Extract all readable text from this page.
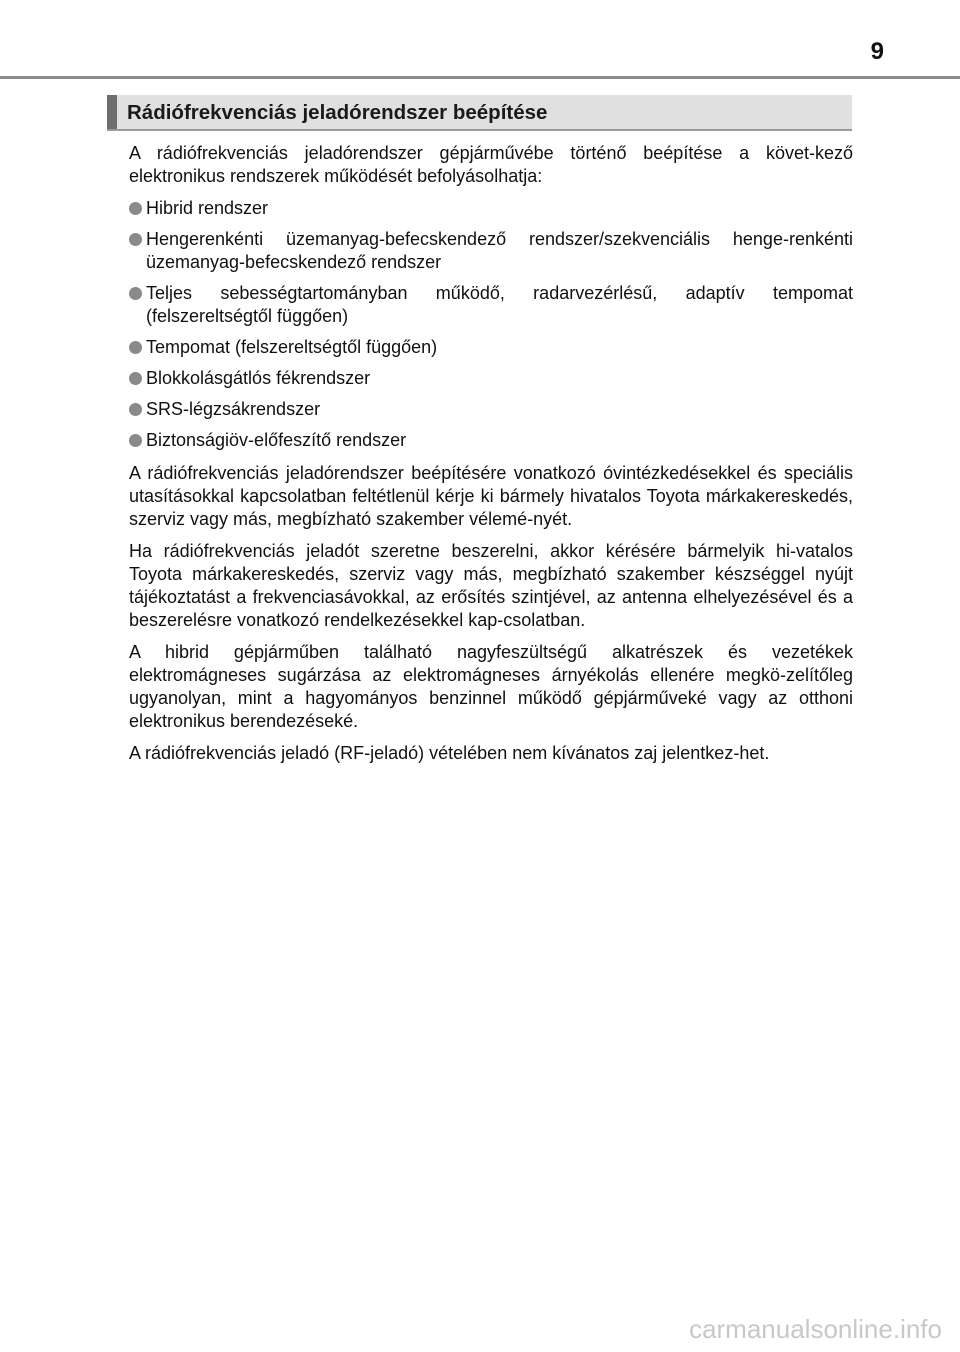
9
Rádiófrekvenciás jeladórendszer beépítése

A rádiófrekvenciás jeladórendszer gépjárművébe történő beépítése a követ-kező elektronikus rendszerek működését befolyásolhatja:

Hibrid rendszer
Hengerenkénti üzemanyag-befecskendező rendszer/szekvenciális henge-renkénti üzemanyag-befecskendező rendszer
Teljes sebességtartományban működő, radarvezérlésű, adaptív tempomat (felszereltségtől függően)
Tempomat (felszereltségtől függően)
Blokkolásgátlós fékrendszer
SRS-légzsákrendszer
Biztonságiöv-előfeszítő rendszer

A rádiófrekvenciás jeladórendszer beépítésére vonatkozó óvintézkedésekkel és speciális utasításokkal kapcsolatban feltétlenül kérje ki bármely hivatalos Toyota márkakereskedés, szerviz vagy más, megbízható szakember vélemé-nyét.

Ha rádiófrekvenciás jeladót szeretne beszerelni, akkor kérésére bármelyik hi-vatalos Toyota márkakereskedés, szerviz vagy más, megbízható szakember készséggel nyújt tájékoztatást a frekvenciasávokkal, az erősítés szintjével, az antenna elhelyezésével és a beszerelésre vonatkozó rendelkezésekkel kap-csolatban.

A hibrid gépjárműben található nagyfeszültségű alkatrészek és vezetékek elektromágneses sugárzása az elektromágneses árnyékolás ellenére megkö-zelítőleg ugyanolyan, mint a hagyományos benzinnel működő gépjárműveké vagy az otthoni elektronikus berendezéseké.

A rádiófrekvenciás jeladó (RF-jeladó) vételében nem kívánatos zaj jelentkez-het.

carmanualsonline.info
